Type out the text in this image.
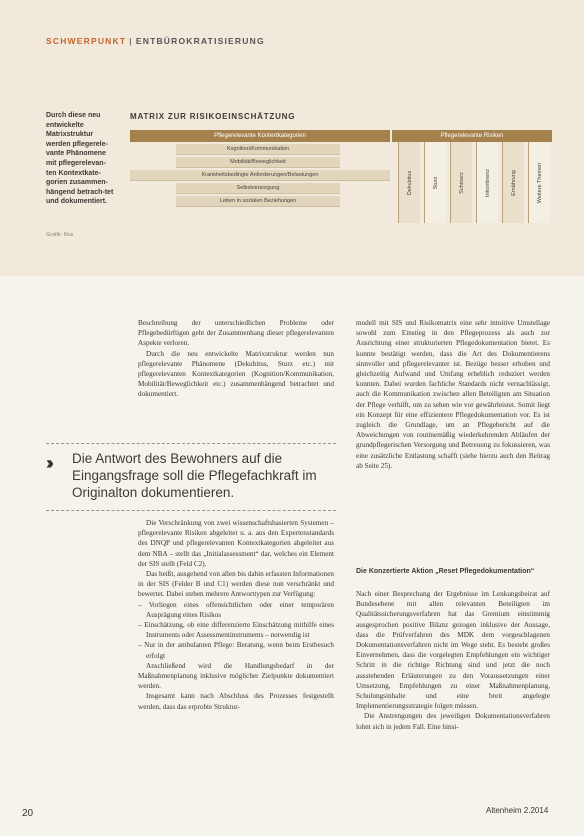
SCHWERPUNKT | ENTBÜROKRATISIERUNG
Durch diese neu entwickelte Matrixstruktur werden pflegerele-vante Phänomene mit pflegerelevan-ten Kontextkate-gorien zusammen-hängend betrach-tet und dokumentiert.
Grafik: Illus
MATRIX ZUR RISIKOEINSCHÄTZUNG
Pflegerelevante Kontextkategorien	Pflegerelevante Risiken
Kognition/Kommunikation
Mobilität/Beweglichkeit
Krankheitsbedingte Anforderungen/Belastungen
Selbstversorgung
Leben in sozialen Beziehungen
Dekubitus	Sturz	Schmerz	Inkontinenz	Ernährung	Weitere Themen

Beschreibung der unterschiedlichen Probleme oder Pflegebedürftigen geht der Zusammenhang dieser pflegerelevanten Aspekte verloren.

Durch die neu entwickelte Matrixstruktur werden nun pflegerelevante Phänomene (Dekubitus, Sturz etc.) mit pflegerelevanten Kontextkategorien (Kognition/Kommunikation, Mobilität/Beweglichkeit etc.) zusammenhängend betrachtet und dokumentiert.

›› Die Antwort des Bewohners auf die Eingangsfrage soll die Pflegefachkraft im Originalton dokumentieren.

Die Verschränkung von zwei wissenschaftsbasierten Systemen – pflegerelevante Risiken abgeleitet u. a. aus den Expertenstandards des DNQP und pflegerelevanten Kontextkategorien abgeleitet aus dem NBA – stellt das „Initialassessment“ dar, welches ein Element der SIS stellt (Feld C2).

Das heißt, ausgehend von allen bis dahin erfassten Informationen in der SIS (Felder B und C1) werden diese nun verschränkt und bewertet. Dabei stehen mehrere Antworttypen zur Verfügung:

– Vorliegen eines offensichtlichen oder einer temporären Ausprägung eines Risikos
– Einschätzung, ob eine differenzierte Einschätzung mithilfe eines Instruments oder Assessmentinstruments – notwendig ist
– Nur in der ambulanten Pflege: Beratung, wenn beim Erstbesuch erfolgt

Anschließend wird die Handlungsbedarf in der Maßnahmenplanung inklusive möglicher Zielpunkte dokumentiert werden.

Insgesamt kann nach Abschluss des Prozesses festgestellt werden, dass das erprobte Struktur-

modell mit SIS und Risikomatrix eine sehr intuitive Umstellage sowohl zum Einstieg in den Pflegeprozess als auch zur Ausrichtung einer strukturierten Pflegedokumentation bietet. Es konnte bestätigt werden, dass die Art des Dokumentierens sinnvoller und pflegerelevanter ist. Bezüge besser erhoben und gleichzeitig Aufwand und Umfang erheblich reduziert werden konnten. Dabei wurden fachliche Standards nicht vernachlässigt, auch die Kommunikation zwischen allen Beteiligten am Situation der Pflege verhilft, um zu sehen wie vor gewährleistet. Somit liegt ein Konzept für eine effizientere Pflegedokumentation vor. Es ist zugleich die Grundlage, um an Pflegebericht auf die Abweichungen von routinemäßig wiederkehrenden Abläufen der grundpflegerischen Versorgung und Betreuung zu fokussieren, was eine zusätzliche Entlastung schafft (siehe hierzu auch den Beitrag ab Seite 25).

Die Konzertierte Aktion „Reset Pflegedokumentation“

Nach einer Besprechung der Ergebnisse im Lenkungsbeirat auf Bundesebene mit allen relevanten Beteiligten im Qualitätssicherungsverfahren hat das Gremium einstimmig ausgesprochen positive Bilanz gezogen inklusive der Aussage, dass die Prüfverfahren des MDK dem vorgeschlagenen Dokumentationsverfahren nicht im Wege steht. Es besteht großes Einvernehmen, dass die vorgelegten Empfehlungen ein wichtiger Schritt in die richtige Richtung sind und jetzt die noch ausstehenden Erläuterungen zu den Voraussetzungen einer Umsetzung, Empfehlungen zu einer Maßnahmenplanung, Schulungsinhalte und eine breit angelegte Implementierungsstrategie folgen müssen.

Die Anstrengungen des jeweiligen Dokumentationsverfahren lohnt sich in jedem Fall. Eine hinsi-

20	Altenheim 2.2014
